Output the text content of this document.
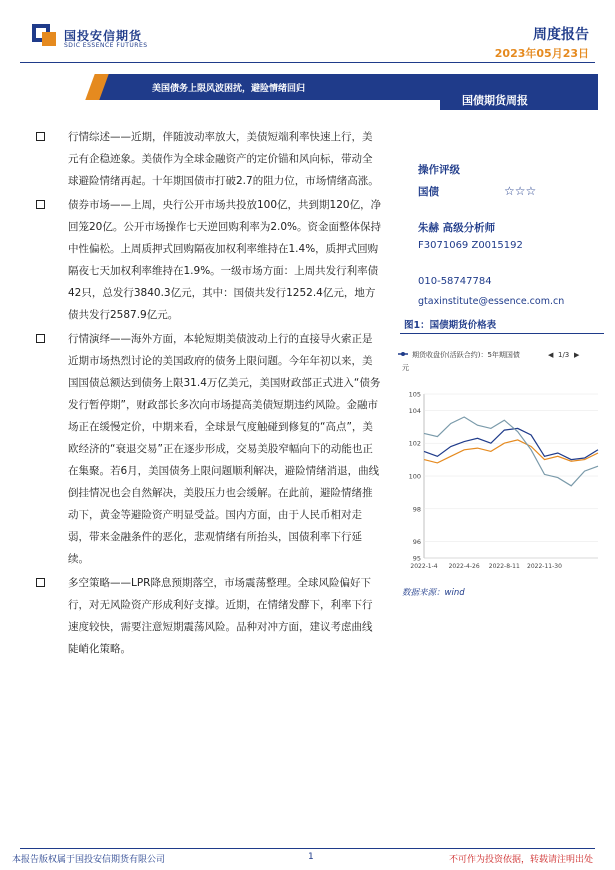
国投安信期货
SDIC ESSENCE FUTURES
周度报告
2023年05月23日
美国债务上限风波困扰，避险情绪回归
国债期货周报

行情综述——近期，伴随波动率放大，美债短端利率快速上行，美元有企稳迹象。美债作为全球金融资产的定价锚和风向标，带动全球避险情绪再起。十年期国债市打破2.7的阻力位，市场情绪高涨。

债券市场——上周，央行公开市场共投放100亿，共到期120亿，净回笼20亿。公开市场操作七天逆回购利率为2.0%。资金面整体保持中性偏松。上周质押式回购隔夜加权利率维持在1.4%，质押式回购隔夜七天加权利率维持在1.9%。一级市场方面：上周共发行利率债42只，总发行3840.3亿元，其中：国债共发行1252.4亿元，地方债共发行2587.9亿元。

行情演绎——海外方面，本轮短期美债波动上行的直接导火索正是近期市场热烈讨论的美国政府的债务上限问题。今年年初以来，美国国债总额达到债务上限31.4万亿美元，美国财政部正式进入“债务发行暂停期”，财政部长多次向市场提高美债短期违约风险。金融市场正在缓慢定价，中期来看，全球景气度触碰到修复的“高点”，美欧经济的“衰退交易”正在逐步形成，交易美股窄幅向下的动能也正在集聚。若6月，美国债务上限问题顺利解决，避险情绪消退，曲线倒挂情况也会自然解决，美股压力也会缓解。在此前，避险情绪推动下，黄金等避险资产明显受益。国内方面，由于人民币相对走弱，带来金融条件的恶化，悲观情绪有所抬头，国债利率下行延续。

多空策略——LPR降息预期落空，市场震荡整理。全球风险偏好下行，对无风险资产形成利好支撑。近期，在情绪发酵下，利率下行速度较快，需要注意短期震荡风险。品种对冲方面，建议考虑曲线陡峭化策略。

操作评级
国债	☆☆☆
朱赫 高级分析师
F3071069 Z0015192
010-58747784
gtaxinstitute@essence.com.cn
图1：国债期货价格表
期货收盘价(活跃合约)：5年期国债
元
◀ 1/3 ▶
95
96
98
100
102
104
105
2022-1-4 2022-4-26 2022-8-11 2022-11-30
数据来源：wind
本报告版权属于国投安信期货有限公司	1	不可作为投资依据，转载请注明出处
